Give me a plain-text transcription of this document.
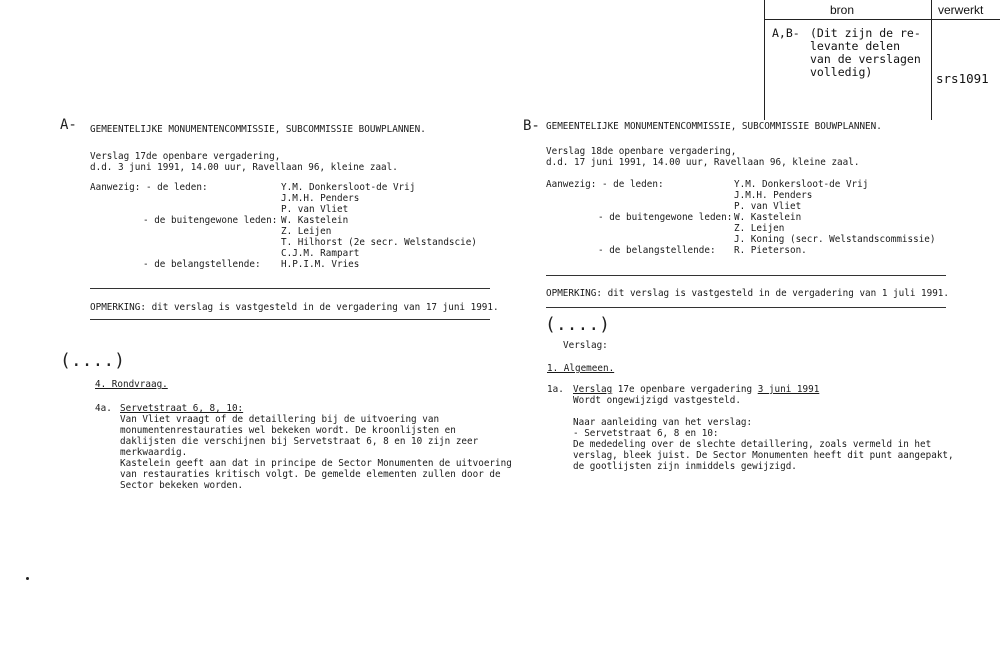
bron	verwerkt
A,B- (Dit zijn de re-
levante delen
van de verslagen
volledig)	srs1091
A- GEMEENTELIJKE MONUMENTENCOMMISSIE, SUBCOMMISSIE BOUWPLANNEN.
Verslag 17de openbare vergadering,
d.d. 3 juni 1991, 14.00 uur, Ravellaan 96, kleine zaal.
Aanwezig: - de leden:	Y.M. Donkersloot-de Vrij
J.M.H. Penders
P. van Vliet
- de buitengewone leden: W. Kastelein
Z. Leijen
T. Hilhorst (2e secr. Welstandscie)
C.J.M. Rampart
- de belangstellende: H.P.I.M. Vries
OPMERKING: dit verslag is vastgesteld in de vergadering van 17 juni 1991.
(....)
4. Rondvraag.
4a. Servetstraat 6, 8, 10:
Van Vliet vraagt of de detaillering bij de uitvoering van
monumentenrestauraties wel bekeken wordt. De kroonlijsten en
daklijsten die verschijnen bij Servetstraat 6, 8 en 10 zijn zeer
merkwaardig.
Kastelein geeft aan dat in principe de Sector Monumenten de uitvoering
van restauraties kritisch volgt. De gemelde elementen zullen door de
Sector bekeken worden.
B- GEMEENTELIJKE MONUMENTENCOMMISSIE, SUBCOMMISSIE BOUWPLANNEN.
Verslag 18de openbare vergadering,
d.d. 17 juni 1991, 14.00 uur, Ravellaan 96, kleine zaal.
Aanwezig: - de leden:	Y.M. Donkersloot-de Vrij
J.M.H. Penders
P. van Vliet
- de buitengewone leden: W. Kastelein
Z. Leijen
J. Koning (secr. Welstandscommissie)
- de belangstellende: R. Pieterson.
OPMERKING: dit verslag is vastgesteld in de vergadering van 1 juli 1991.
(....)
Verslag:
1. Algemeen.
1a. Verslag 17e openbare vergadering 3 juni 1991
Wordt ongewijzigd vastgesteld.
Naar aanleiding van het verslag:
- Servetstraat 6, 8 en 10:
De mededeling over de slechte detaillering, zoals vermeld in het
verslag, bleek juist. De Sector Monumenten heeft dit punt aangepakt,
de gootlijsten zijn inmiddels gewijzigd.
